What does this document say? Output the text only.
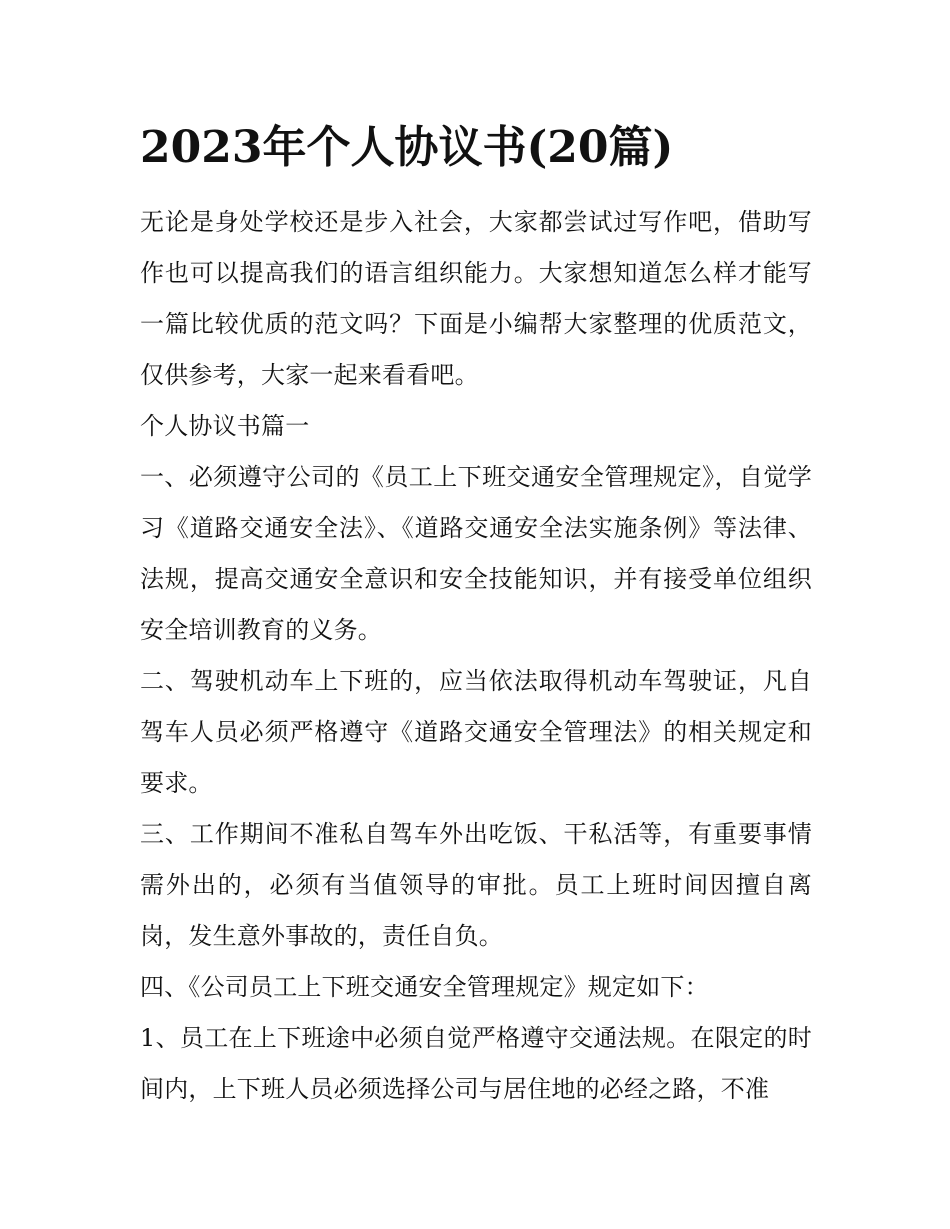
2023年个人协议书(20篇)

无论是身处学校还是步入社会，大家都尝试过写作吧，借助写作也可以提高我们的语言组织能力。大家想知道怎么样才能写一篇比较优质的范文吗？下面是小编帮大家整理的优质范文，仅供参考，大家一起来看看吧。

个人协议书篇一

一、必须遵守公司的《员工上下班交通安全管理规定》，自觉学习《道路交通安全法》、《道路交通安全法实施条例》等法律、法规，提高交通安全意识和安全技能知识，并有接受单位组织安全培训教育的义务。

二、驾驶机动车上下班的，应当依法取得机动车驾驶证，凡自驾车人员必须严格遵守《道路交通安全管理法》的相关规定和要求。

三、工作期间不准私自驾车外出吃饭、干私活等，有重要事情需外出的，必须有当值领导的审批。员工上班时间因擅自离岗，发生意外事故的，责任自负。

四、《公司员工上下班交通安全管理规定》规定如下：

1、员工在上下班途中必须自觉严格遵守交通法规。在限定的时间内，上下班人员必须选择公司与居住地的必经之路，不准
